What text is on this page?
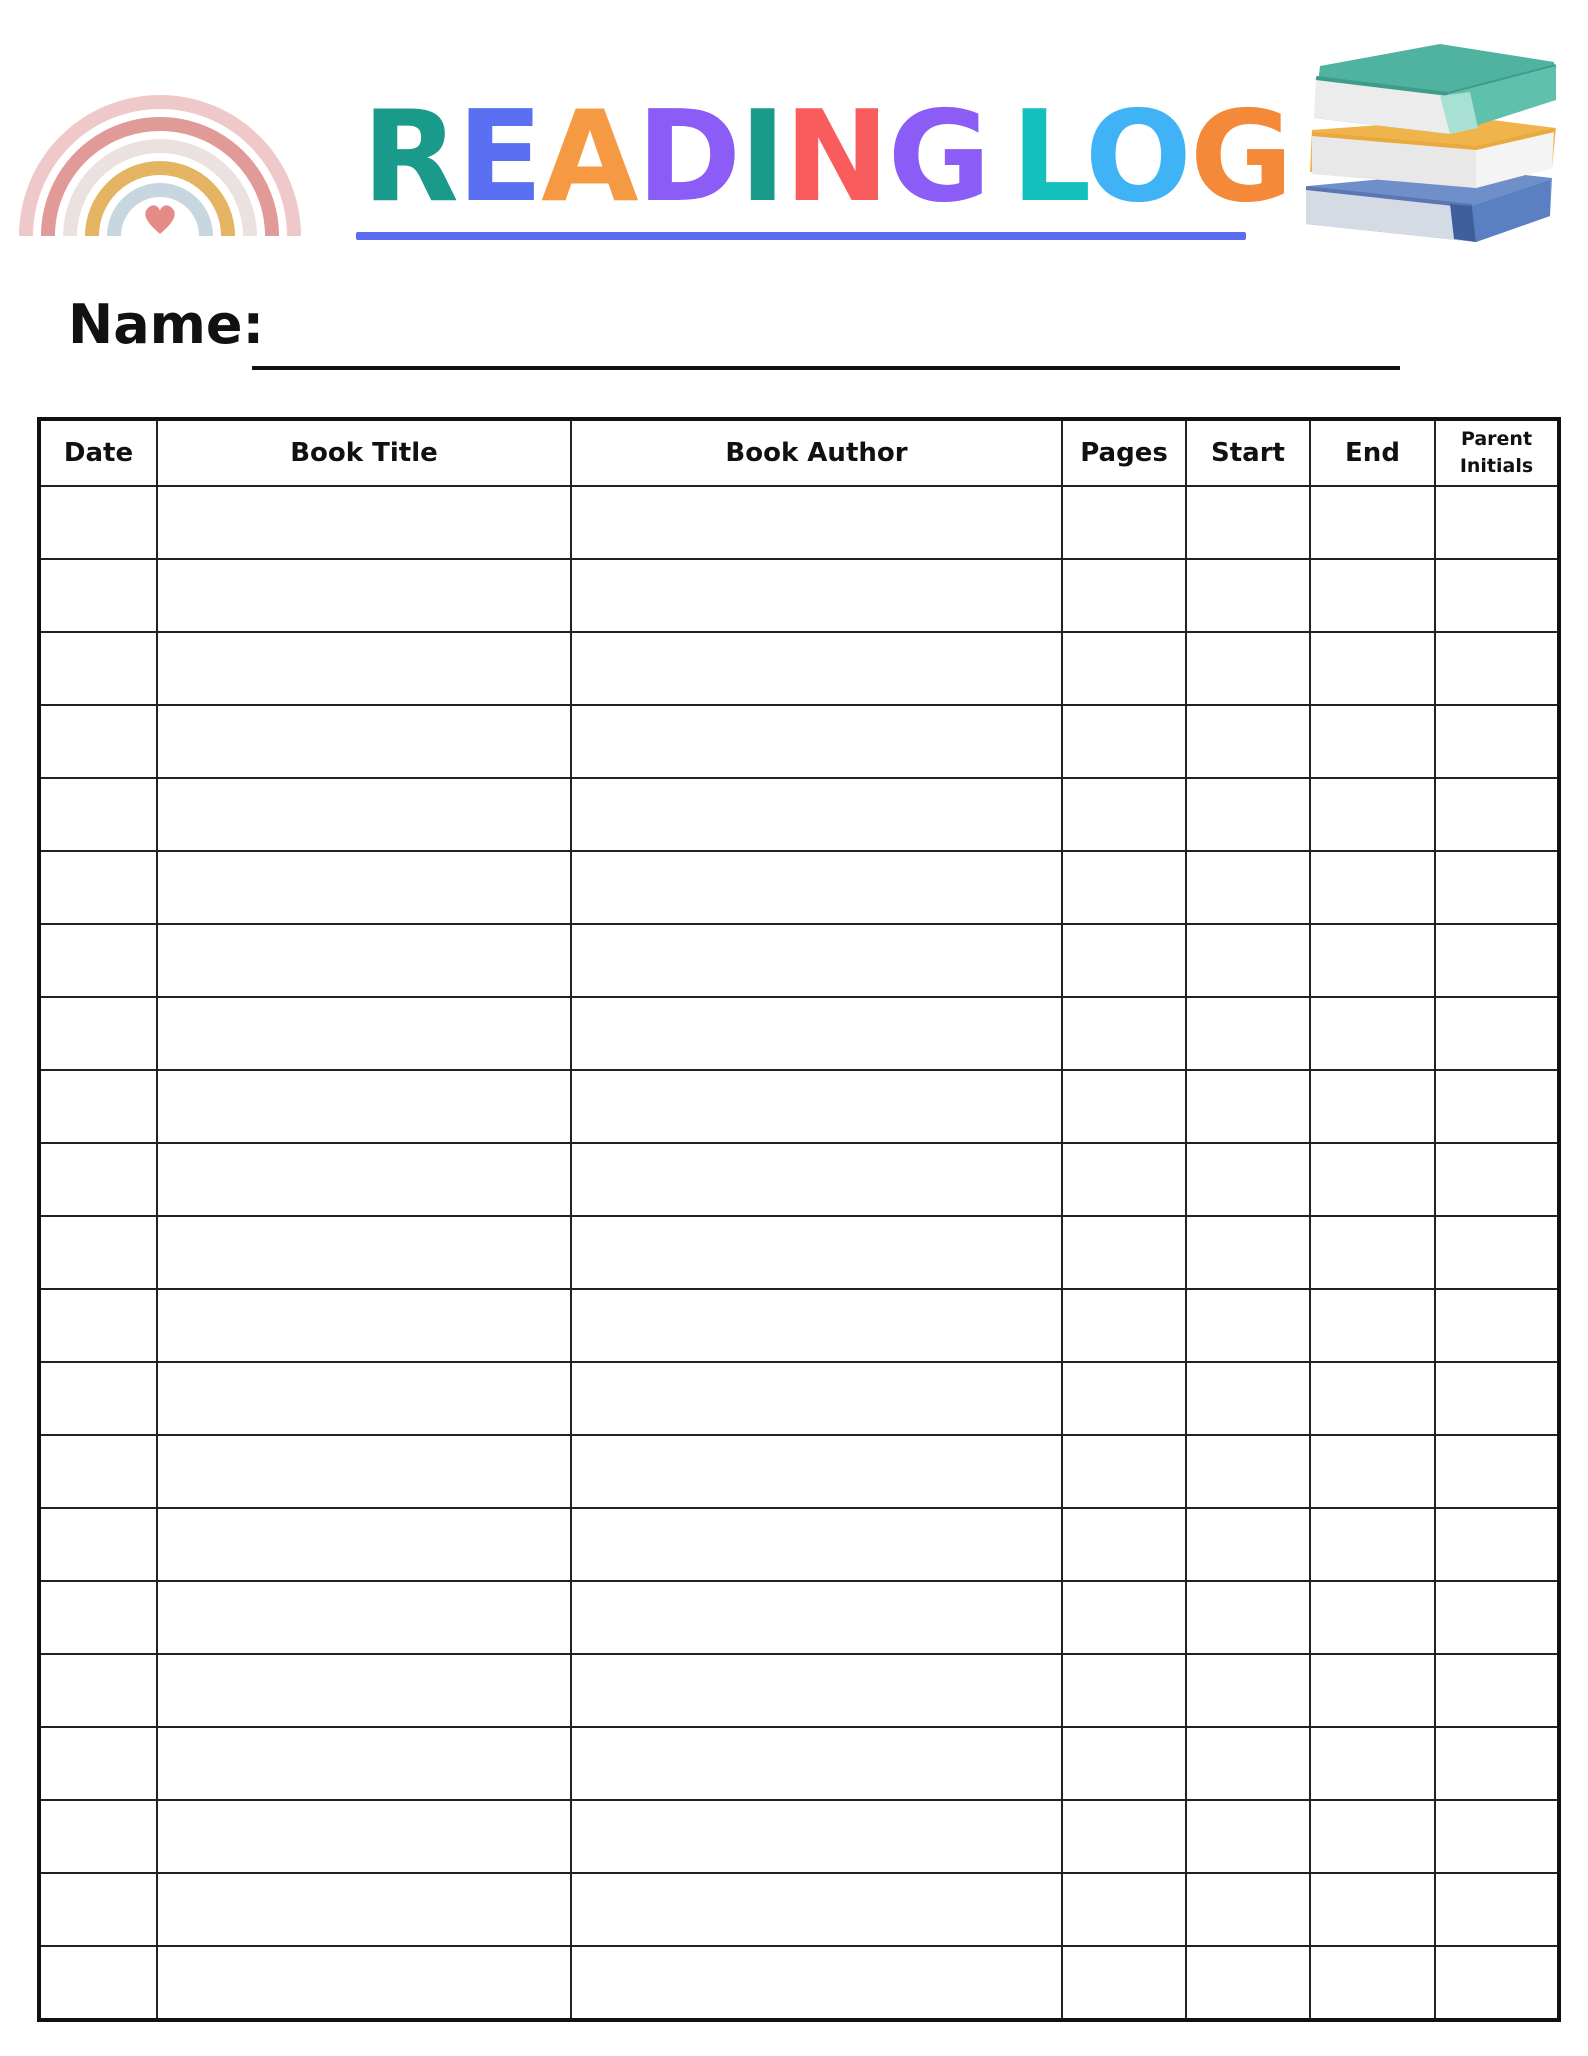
READING LOG
Name:
Date	Book Title	Book Author	Pages	Start	End	Parent
Initials
